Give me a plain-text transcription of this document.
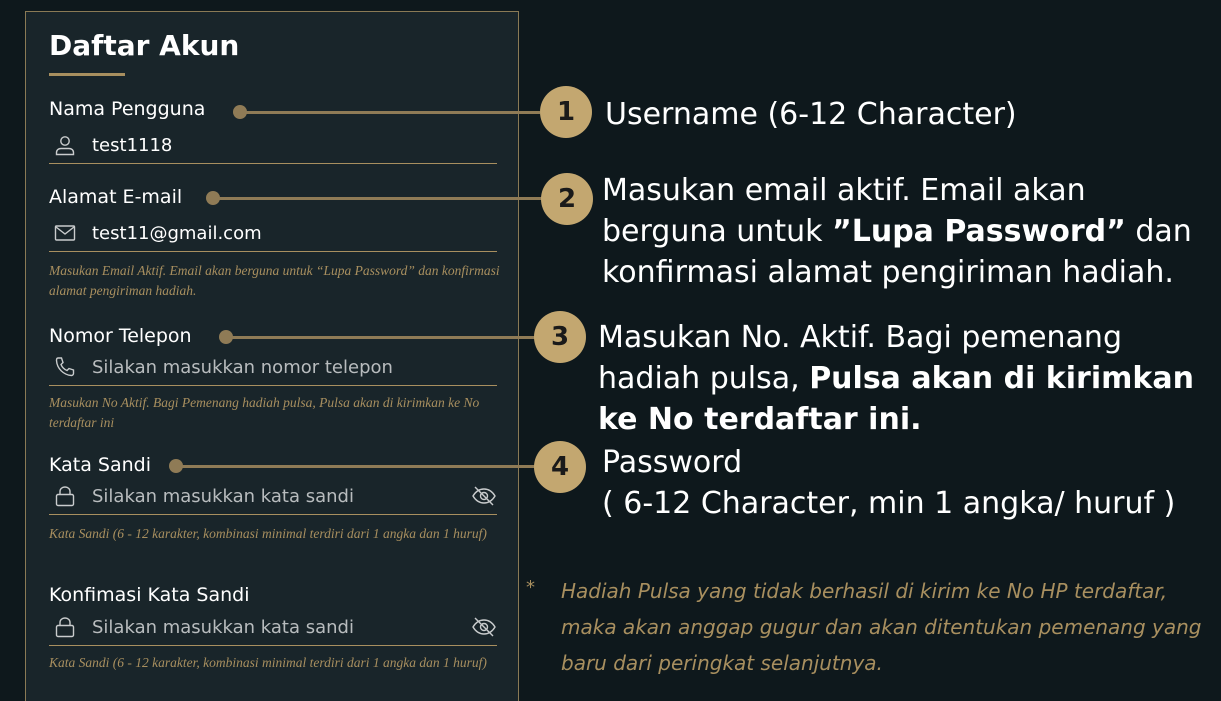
Daftar Akun
Nama Pengguna
test1118
Alamat E-mail
test11@gmail.com
Masukan Email Aktif. Email akan berguna untuk “Lupa Password” dan konfirmasi alamat pengiriman hadiah.
Nomor Telepon
Silakan masukkan nomor telepon
Masukan No Aktif. Bagi Pemenang hadiah pulsa, Pulsa akan di kirimkan ke No terdaftar ini
Kata Sandi
Kata Sandi (6 - 12 karakter, kombinasi minimal terdiri dari 1 angka dan 1 huruf)
Konfimasi Kata Sandi
Kata Sandi (6 - 12 karakter, kombinasi minimal terdiri dari 1 angka dan 1 huruf)
1
2
3
4
Username (6-12 Character)
Masukan email aktif. Email akan
berguna untuk ”Lupa Password” dan
konfirmasi alamat pengiriman hadiah.
Masukan No. Aktif. Bagi pemenang
hadiah pulsa, Pulsa akan di kirimkan
ke No terdaftar ini.
Password
( 6-12 Character, min 1 angka/ huruf )
* Hadiah Pulsa yang tidak berhasil di kirim ke No HP terdaftar, maka akan anggap gugur dan akan ditentukan pemenang yang baru dari peringkat selanjutnya.
